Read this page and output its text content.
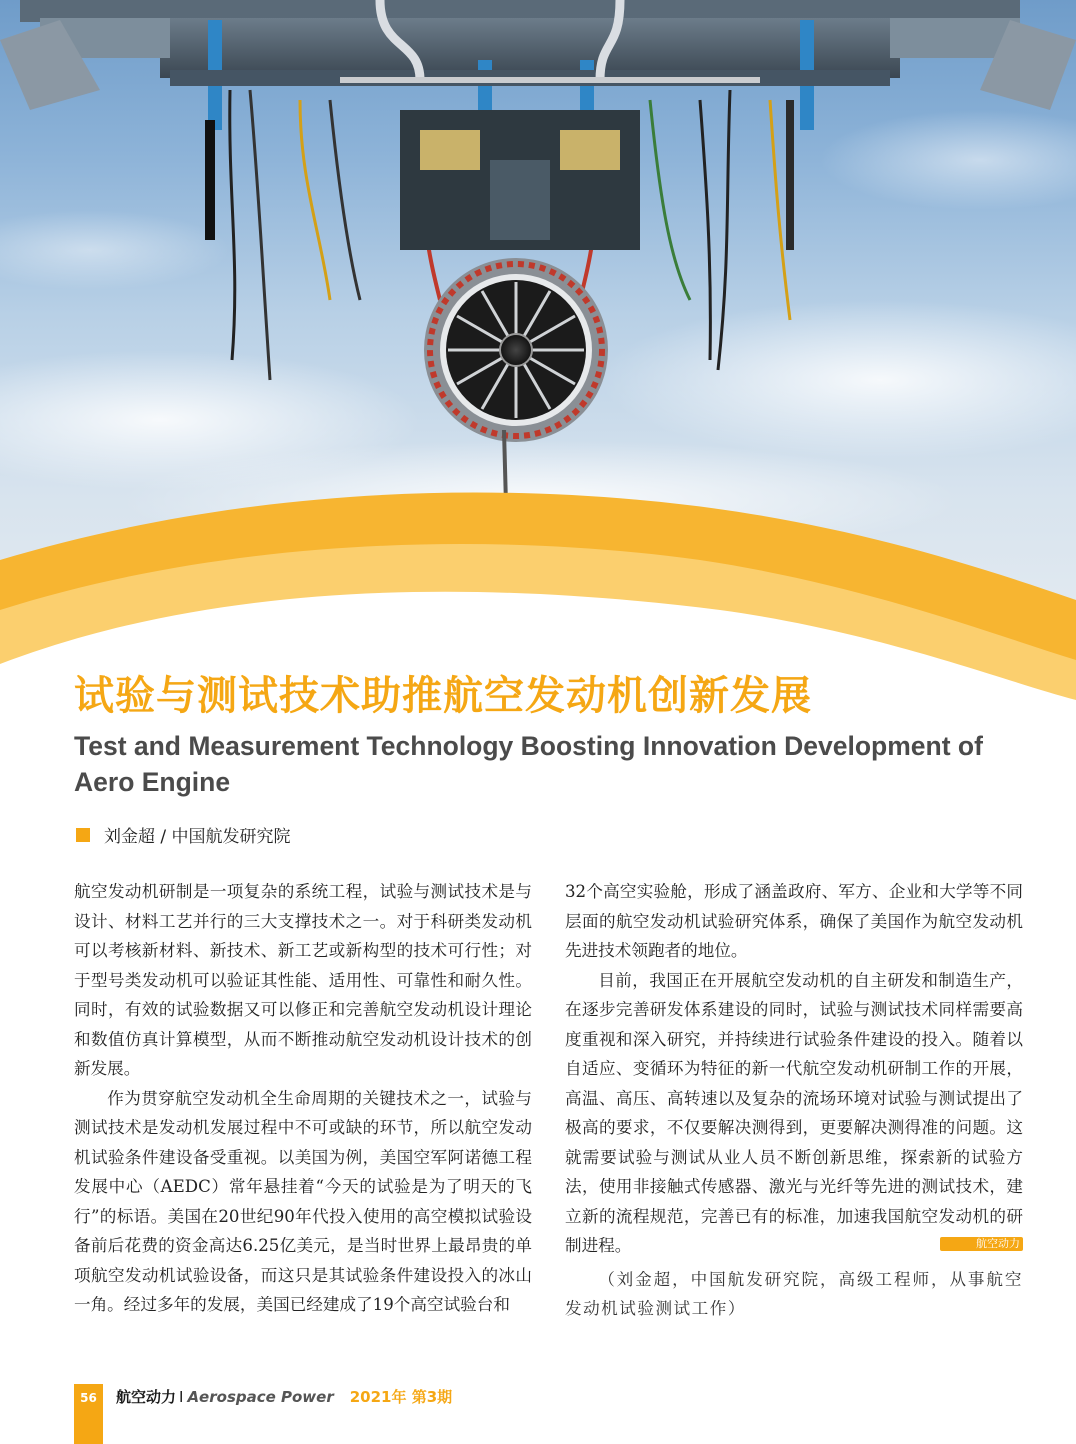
试验与测试技术助推航空发动机创新发展
Test and Measurement Technology Boosting Innovation Development of Aero Engine
刘金超 / 中国航发研究院

航空发动机研制是一项复杂的系统工程，试验与测试技术是与设计、材料工艺并行的三大支撑技术之一。对于科研类发动机可以考核新材料、新技术、新工艺或新构型的技术可行性；对于型号类发动机可以验证其性能、适用性、可靠性和耐久性。同时，有效的试验数据又可以修正和完善航空发动机设计理论和数值仿真计算模型，从而不断推动航空发动机设计技术的创新发展。

作为贯穿航空发动机全生命周期的关键技术之一，试验与测试技术是发动机发展过程中不可或缺的环节，所以航空发动机试验条件建设备受重视。以美国为例，美国空军阿诺德工程发展中心（AEDC）常年悬挂着“今天的试验是为了明天的飞行”的标语。美国在20世纪90年代投入使用的高空模拟试验设备前后花费的资金高达6.25亿美元，是当时世界上最昂贵的单项航空发动机试验设备，而这只是其试验条件建设投入的冰山一角。经过多年的发展，美国已经建成了19个高空试验台和

32个高空实验舱，形成了涵盖政府、军方、企业和大学等不同层面的航空发动机试验研究体系，确保了美国作为航空发动机先进技术领跑者的地位。

目前，我国正在开展航空发动机的自主研发和制造生产，在逐步完善研发体系建设的同时，试验与测试技术同样需要高度重视和深入研究，并持续进行试验条件建设的投入。随着以自适应、变循环为特征的新一代航空发动机研制工作的开展，高温、高压、高转速以及复杂的流场环境对试验与测试提出了极高的要求，不仅要解决测得到，更要解决测得准的问题。这就需要试验与测试从业人员不断创新思维，探索新的试验方法，使用非接触式传感器、激光与光纤等先进的测试技术，建立新的流程规范，完善已有的标准，加速我国航空发动机的研制进程。	航空动力

（刘金超，中国航发研究院，高级工程师，从事航空发动机试验测试工作）

56	航空动力 I Aerospace Power 2021年 第3期
